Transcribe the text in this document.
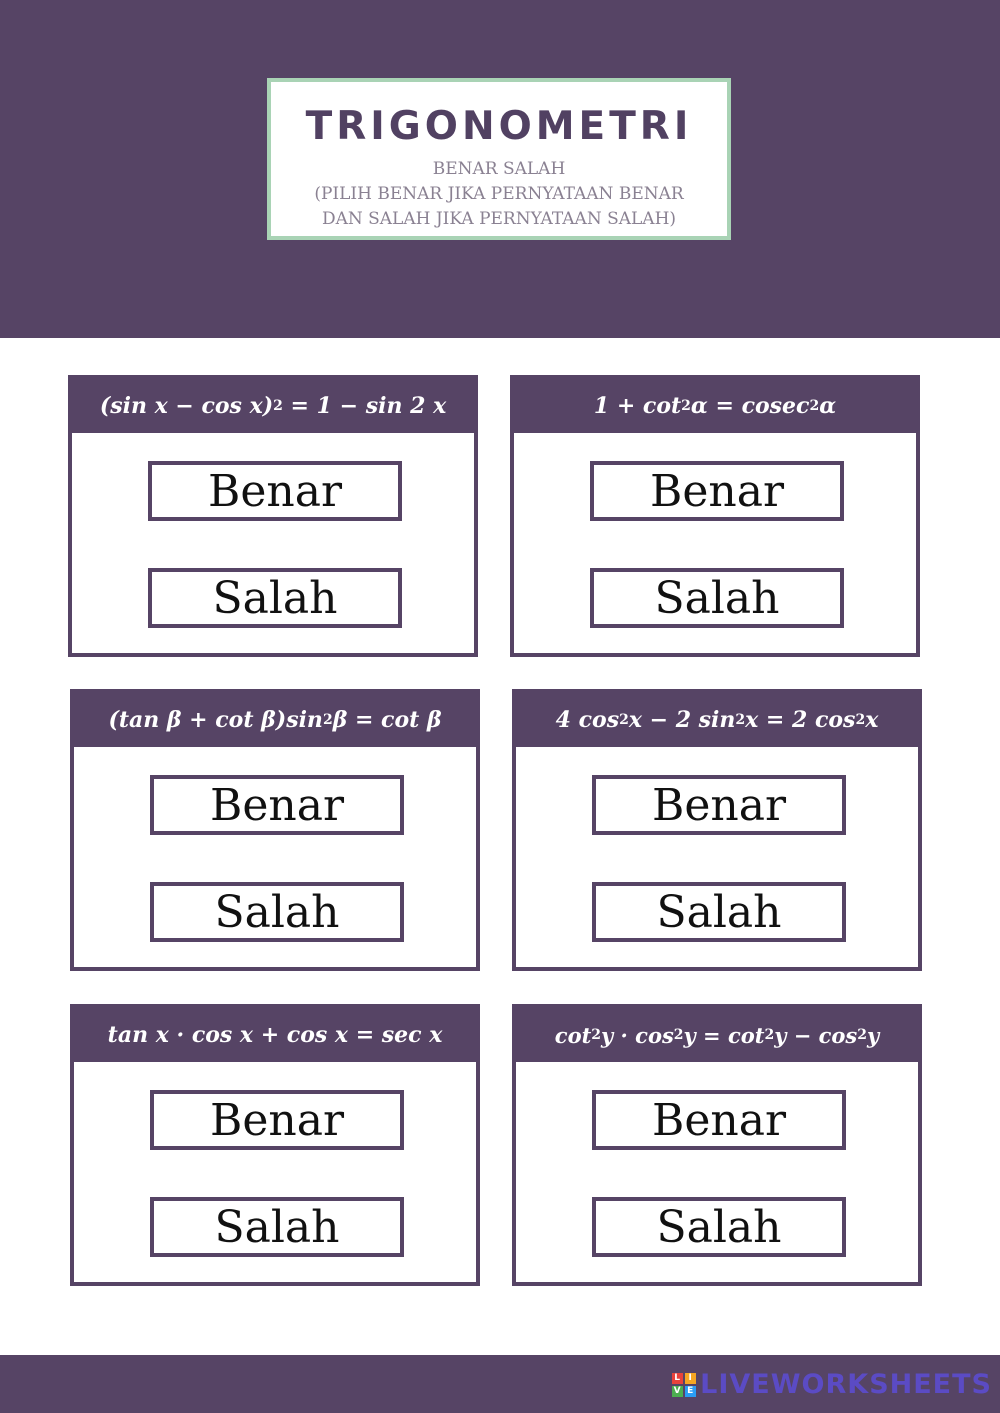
TRIGONOMETRI
BENAR SALAH
(PILIH BENAR JIKA PERNYATAAN BENAR
DAN SALAH JIKA PERNYATAAN SALAH)
(sin x − cos x) 2 = 1 − sin 2 x
Benar
Salah
1 + cot 2 α = cosec 2 α
Benar
Salah
(tan β + cot β)sin 2 β = cot β
Benar
Salah
4 cos 2 x − 2 sin 2 x = 2 cos 2 x
Benar
Salah
tan x · cos x + cos x = sec x
Benar
Salah
cot 2 y · cos 2 y = cot 2 y − cos 2 y
Benar
Salah
L I
V E LIVEWORKSHEETS
